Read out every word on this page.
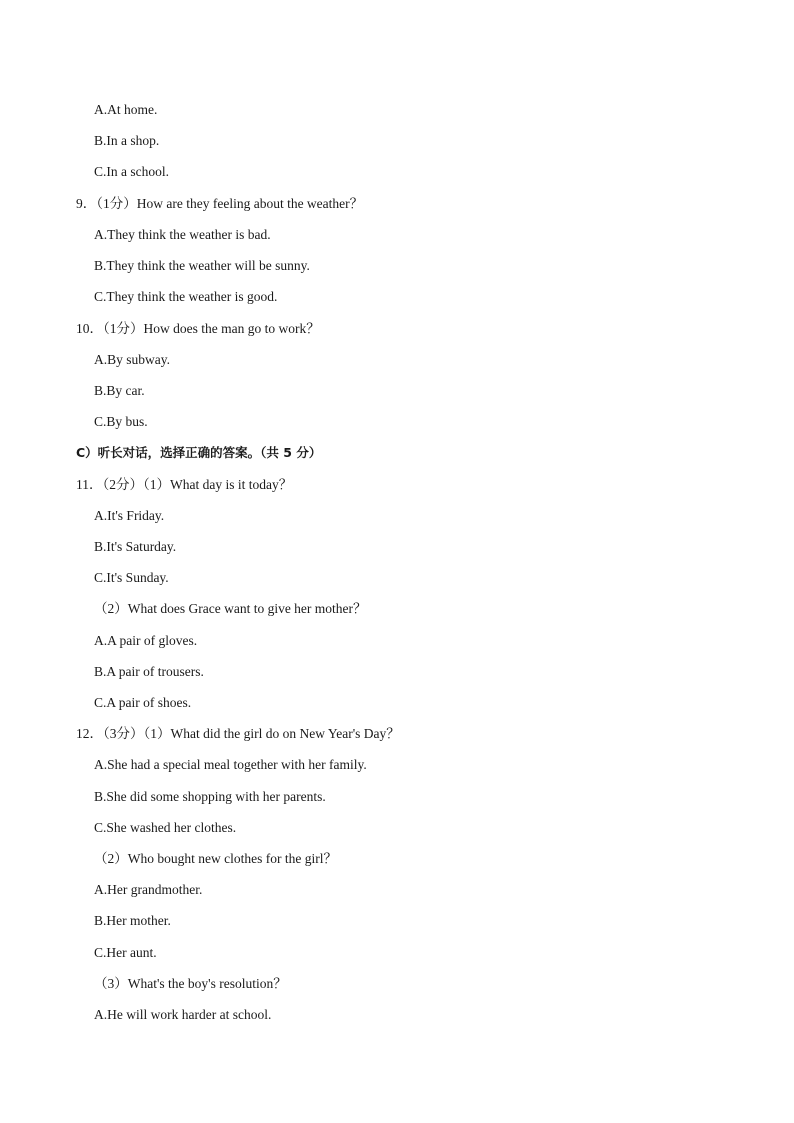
A.At home.
B.In a shop.
C.In a school.
9．（1分）How are they feeling about the weather？
A.They think the weather is bad.
B.They think the weather will be sunny.
C.They think the weather is good.
10．（1分）How does the man go to work？
A.By subway.
B.By car.
C.By bus.
C）听长对话，选择正确的答案。（共 5 分）
11．（2分）（1）What day is it today？
A.It's Friday.
B.It's Saturday.
C.It's Sunday.
（2）What does Grace want to give her mother？
A.A pair of gloves.
B.A pair of trousers.
C.A pair of shoes.
12．（3分）（1）What did the girl do on New Year's Day？
A.She had a special meal together with her family.
B.She did some shopping with her parents.
C.She washed her clothes.
（2）Who bought new clothes for the girl？
A.Her grandmother.
B.Her mother.
C.Her aunt.
（3）What's the boy's resolution？
A.He will work harder at school.
